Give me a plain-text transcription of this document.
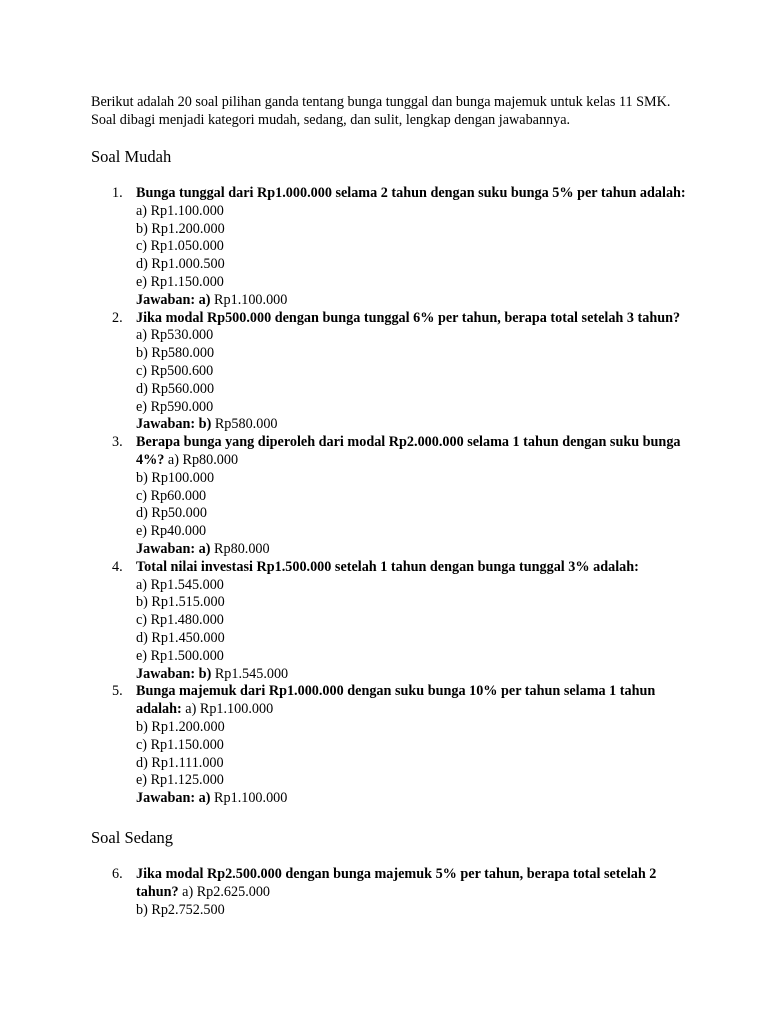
Berikut adalah 20 soal pilihan ganda tentang bunga tunggal dan bunga majemuk untuk kelas 11 SMK. Soal dibagi menjadi kategori mudah, sedang, dan sulit, lengkap dengan jawabannya.

Soal Mudah
1. Bunga tunggal dari Rp1.000.000 selama 2 tahun dengan suku bunga 5% per tahun adalah: a) Rp1.100.000
b) Rp1.200.000
c) Rp1.050.000
d) Rp1.000.500
e) Rp1.150.000
Jawaban: a) Rp1.100.000
2. Jika modal Rp500.000 dengan bunga tunggal 6% per tahun, berapa total setelah 3 tahun? a) Rp530.000
b) Rp580.000
c) Rp500.600
d) Rp560.000
e) Rp590.000
Jawaban: b) Rp580.000
3. Berapa bunga yang diperoleh dari modal Rp2.000.000 selama 1 tahun dengan suku bunga 4%? a) Rp80.000
b) Rp100.000
c) Rp60.000
d) Rp50.000
e) Rp40.000
Jawaban: a) Rp80.000
4. Total nilai investasi Rp1.500.000 setelah 1 tahun dengan bunga tunggal 3% adalah:
a) Rp1.545.000
b) Rp1.515.000
c) Rp1.480.000
d) Rp1.450.000
e) Rp1.500.000
Jawaban: b) Rp1.545.000
5. Bunga majemuk dari Rp1.000.000 dengan suku bunga 10% per tahun selama 1 tahun adalah: a) Rp1.100.000
b) Rp1.200.000
c) Rp1.150.000
d) Rp1.111.000
e) Rp1.125.000
Jawaban: a) Rp1.100.000
Soal Sedang
6. Jika modal Rp2.500.000 dengan bunga majemuk 5% per tahun, berapa total setelah 2 tahun? a) Rp2.625.000
b) Rp2.752.500
